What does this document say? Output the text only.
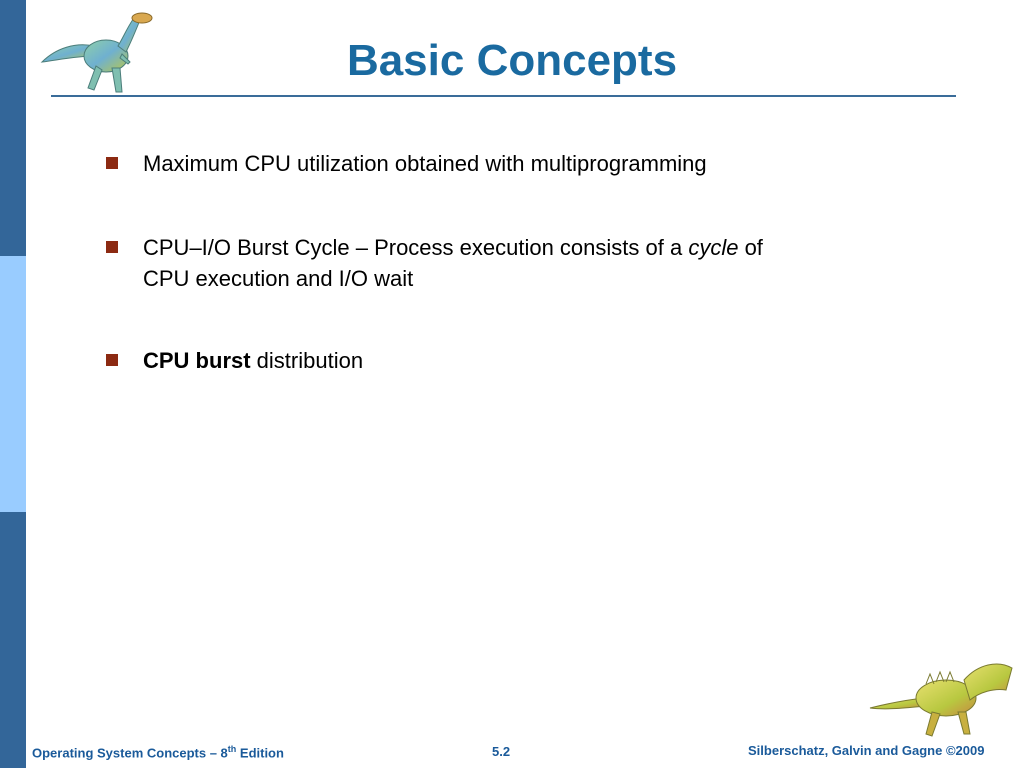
Basic Concepts
Maximum CPU utilization obtained with multiprogramming
CPU–I/O Burst Cycle – Process execution consists of a cycle of
CPU execution and I/O wait
CPU burst distribution
Operating System Concepts – 8th Edition	5.2	Silberschatz, Galvin and Gagne ©2009
